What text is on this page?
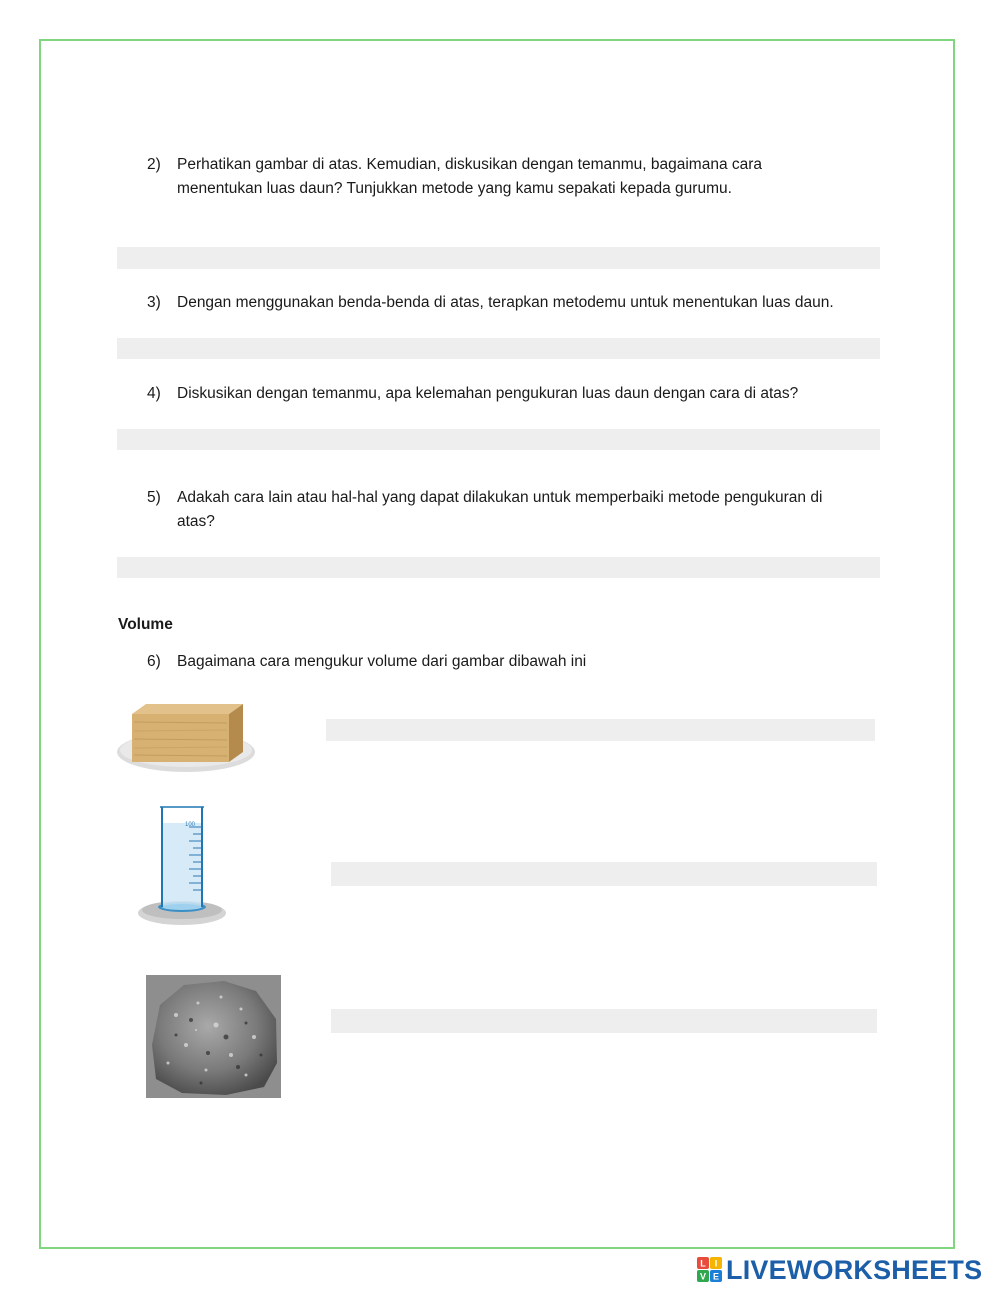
2) Perhatikan gambar di atas. Kemudian, diskusikan dengan temanmu, bagaimana cara
menentukan luas daun? Tunjukkan metode yang kamu sepakati kepada gurumu.
3) Dengan menggunakan benda-benda di atas, terapkan metodemu untuk menentukan luas daun.
4) Diskusikan dengan temanmu, apa kelemahan pengukuran luas daun dengan cara di atas?
5) Adakah cara lain atau hal-hal yang dapat dilakukan untuk memperbaiki metode pengukuran di
atas?
Volume
6) Bagaimana cara mengukur volume dari gambar dibawah ini
100
L I
V E LIVEWORKSHEETS
